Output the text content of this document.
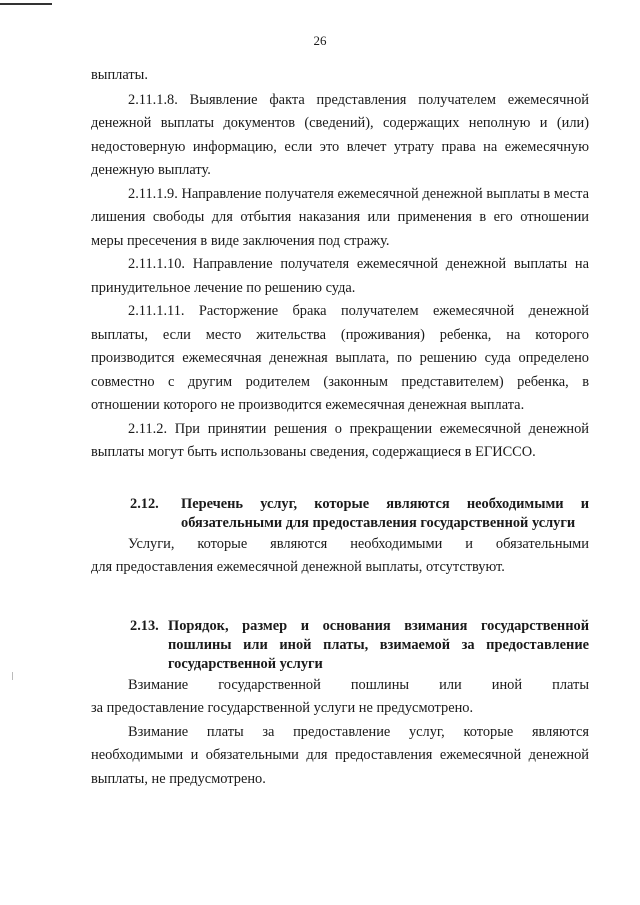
26

выплаты.

2.11.1.8. Выявление факта представления получателем ежемесячной денежной выплаты документов (сведений), содержащих неполную и (или) недостоверную информацию, если это влечет утрату права на ежемесячную денежную выплату.

2.11.1.9. Направление получателя ежемесячной денежной выплаты в места лишения свободы для отбытия наказания или применения в его отношении меры пресечения в виде заключения под стражу.

2.11.1.10. Направление получателя ежемесячной денежной выплаты на принудительное лечение по решению суда.

2.11.1.11. Расторжение брака получателем ежемесячной денежной выплаты, если место жительства (проживания) ребенка, на которого производится ежемесячная денежная выплата, по решению суда определено совместно с другим родителем (законным представителем) ребенка, в отношении которого не производится ежемесячная денежная выплата.

2.11.2. При принятии решения о прекращении ежемесячной денежной выплаты могут быть использованы сведения, содержащиеся в ЕГИССО.

2.12.	Перечень услуг, которые являются необходимыми и обязательными для предоставления государственной услуги

Услуги, которые являются необходимыми и обязательными

для предоставления ежемесячной денежной выплаты, отсутствуют.

2.13. Порядок, размер и основания взимания государственной пошлины или иной платы, взимаемой за предоставление государственной услуги

Взимание государственной пошлины или иной платы

за предоставление государственной услуги не предусмотрено.

Взимание платы за предоставление услуг, которые являются необходимыми и обязательными для предоставления ежемесячной денежной выплаты, не предусмотрено.
